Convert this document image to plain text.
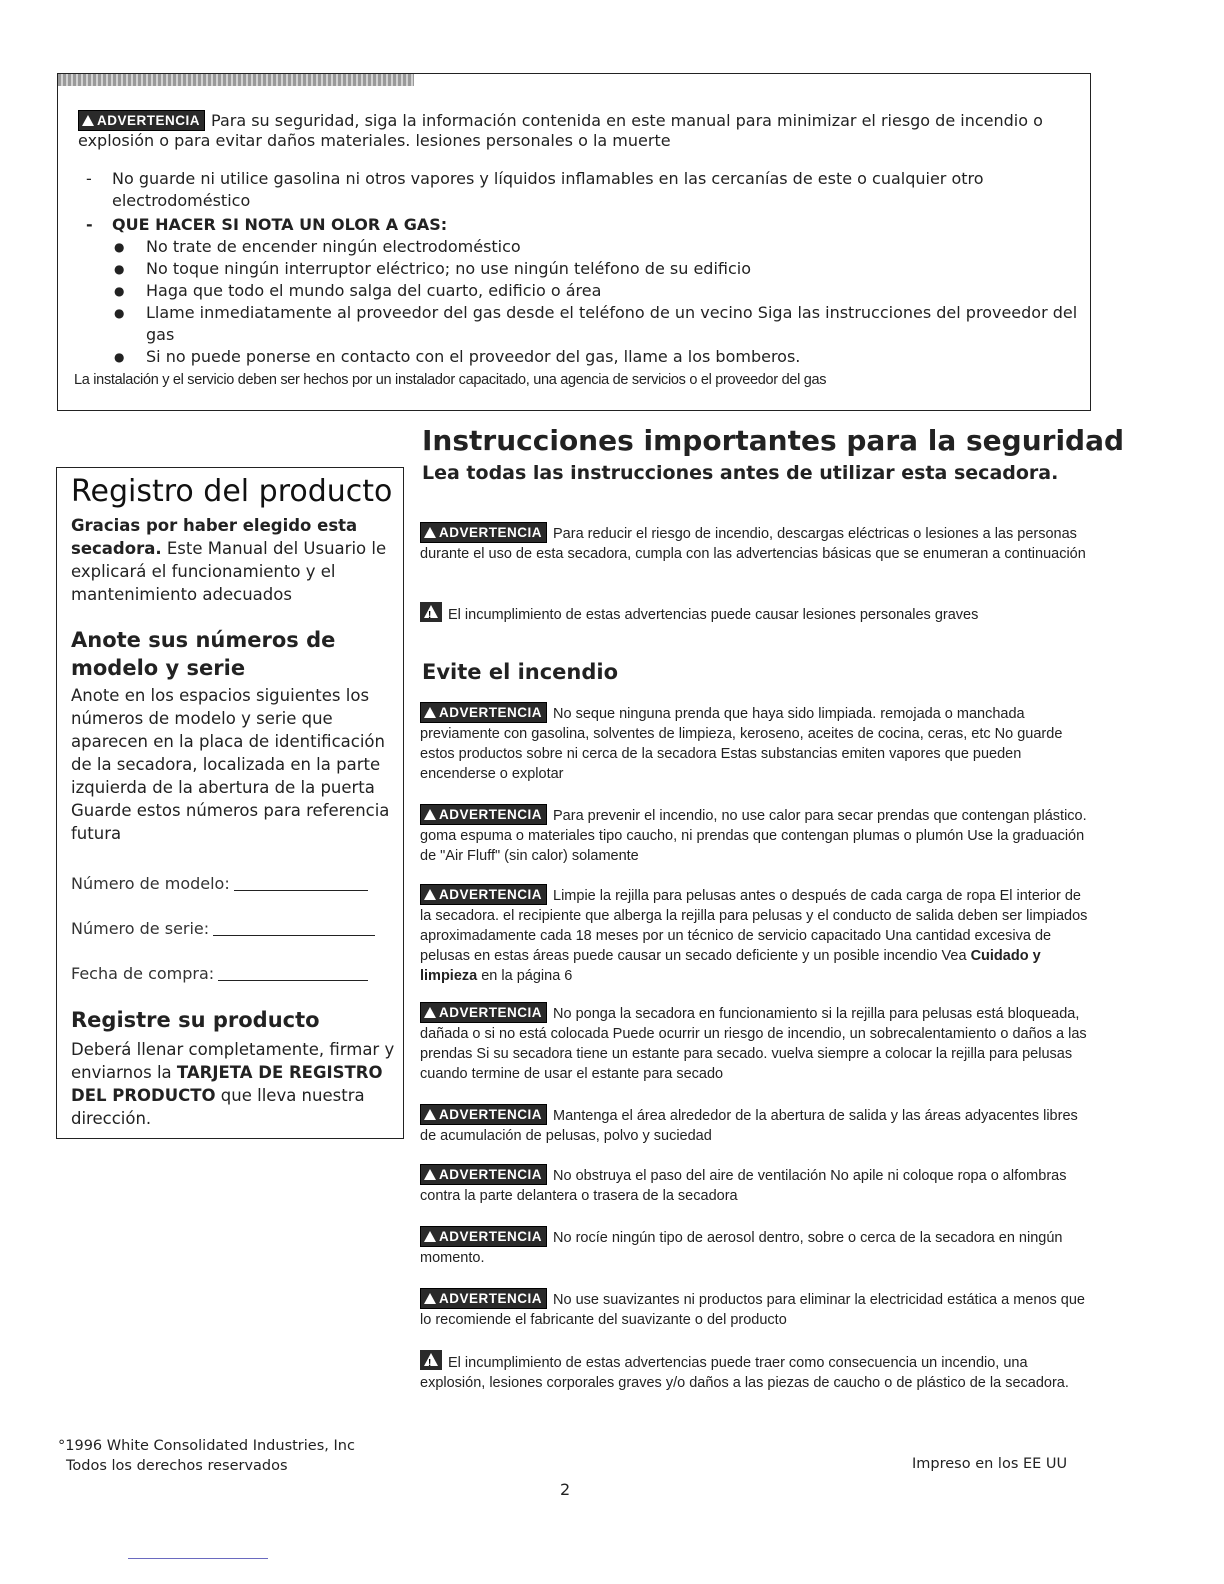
ADVERTENCIA Para su seguridad, siga la información contenida en este manual para minimizar el riesgo de incendio o explosión o para evitar daños materiales. lesiones personales o la muerte
- No guarde ni utilice gasolina ni otros vapores y líquidos inflamables en las cercanías de este o cualquier otro electrodoméstico
- QUE HACER SI NOTA UN OLOR A GAS:
● No trate de encender ningún electrodoméstico
● No toque ningún interruptor eléctrico; no use ningún teléfono de su edificio
● Haga que todo el mundo salga del cuarto, edificio o área
● Llame inmediatamente al proveedor del gas desde el teléfono de un vecino Siga las instrucciones del proveedor del gas
● Si no puede ponerse en contacto con el proveedor del gas, llame a los bomberos.
La instalación y el servicio deben ser hechos por un instalador capacitado, una agencia de servicios o el proveedor del gas
Instrucciones importantes para la seguridad
Lea todas las instrucciones antes de utilizar esta secadora.
Registro del producto
Gracias por haber elegido esta secadora. Este Manual del Usuario le explicará el funcionamiento y el mantenimiento adecuados
Anote sus números de modelo y serie
Anote en los espacios siguientes los números de modelo y serie que aparecen en la placa de identificación de la secadora, localizada en la parte izquierda de la abertura de la puerta Guarde estos números para referencia futura
Número de modelo:
Número de serie:
Fecha de compra:
Registre su producto
Deberá llenar completamente, firmar y enviarnos la TARJETA DE REGISTRO DEL PRODUCTO que lleva nuestra dirección.
ADVERTENCIA Para reducir el riesgo de incendio, descargas eléctricas o lesiones a las personas durante el uso de esta secadora, cumpla con las advertencias básicas que se enumeran a continuación
!El incumplimiento de estas advertencias puede causar lesiones personales graves
Evite el incendio
ADVERTENCIA No seque ninguna prenda que haya sido limpiada. remojada o manchada previamente con gasolina, solventes de limpieza, keroseno, aceites de cocina, ceras, etc No guarde estos productos sobre ni cerca de la secadora Estas substancias emiten vapores que pueden encenderse o explotar
ADVERTENCIA Para prevenir el incendio, no use calor para secar prendas que contengan plástico. goma espuma o materiales tipo caucho, ni prendas que contengan plumas o plumón Use la graduación de "Air Fluff" (sin calor) solamente
ADVERTENCIA Limpie la rejilla para pelusas antes o después de cada carga de ropa El interior de la secadora. el recipiente que alberga la rejilla para pelusas y el conducto de salida deben ser limpiados aproximadamente cada 18 meses por un técnico de servicio capacitado Una cantidad excesiva de pelusas en estas áreas puede causar un secado deficiente y un posible incendio Vea Cuidado y limpieza en la página 6
ADVERTENCIA No ponga la secadora en funcionamiento si la rejilla para pelusas está bloqueada, dañada o si no está colocada Puede ocurrir un riesgo de incendio, un sobrecalentamiento o daños a las prendas Si su secadora tiene un estante para secado. vuelva siempre a colocar la rejilla para pelusas cuando termine de usar el estante para secado
ADVERTENCIA Mantenga el área alrededor de la abertura de salida y las áreas adyacentes libres de acumulación de pelusas, polvo y suciedad
ADVERTENCIA No obstruya el paso del aire de ventilación No apile ni coloque ropa o alfombras contra la parte delantera o trasera de la secadora
ADVERTENCIA No rocíe ningún tipo de aerosol dentro, sobre o cerca de la secadora en ningún momento.
ADVERTENCIA No use suavizantes ni productos para eliminar la electricidad estática a menos que lo recomiende el fabricante del suavizante o del producto
!El incumplimiento de estas advertencias puede traer como consecuencia un incendio, una explosión, lesiones corporales graves y/o daños a las piezas de caucho o de plástico de la secadora.
°1996 White Consolidated Industries, Inc
Todos los derechos reservados	Impreso en los EE UU
2
